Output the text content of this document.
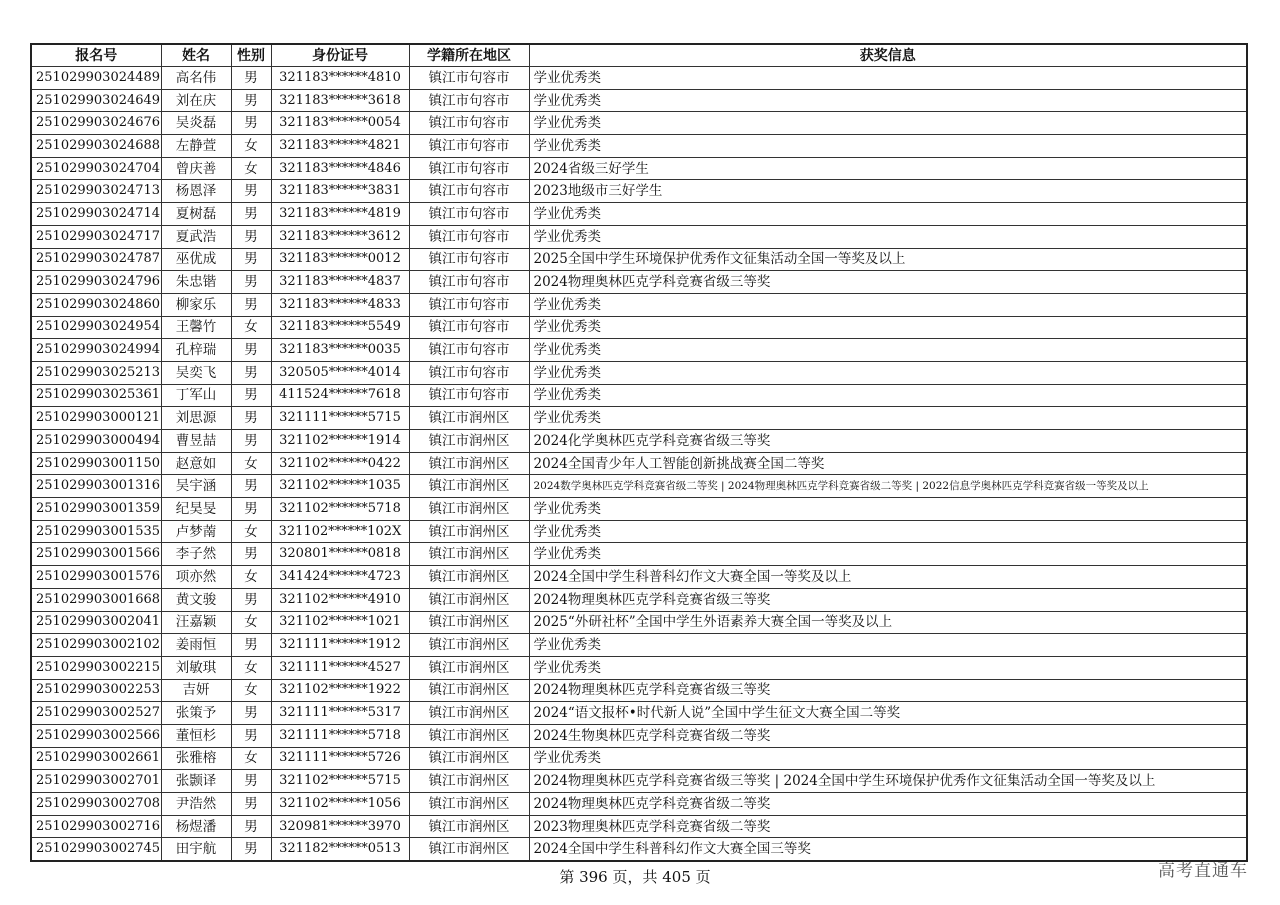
报名号	姓名	性别	身份证号	学籍所在地区	获奖信息
251029903024489	高名伟	男	321183******4810	镇江市句容市	学业优秀类
251029903024649	刘在庆	男	321183******3618	镇江市句容市	学业优秀类
251029903024676	吴炎磊	男	321183******0054	镇江市句容市	学业优秀类
251029903024688	左静萱	女	321183******4821	镇江市句容市	学业优秀类
251029903024704	曾庆善	女	321183******4846	镇江市句容市	2024省级三好学生
251029903024713	杨恩泽	男	321183******3831	镇江市句容市	2023地级市三好学生
251029903024714	夏树磊	男	321183******4819	镇江市句容市	学业优秀类
251029903024717	夏武浩	男	321183******3612	镇江市句容市	学业优秀类
251029903024787	巫优成	男	321183******0012	镇江市句容市	2025全国中学生环境保护优秀作文征集活动全国一等奖及以上
251029903024796	朱忠锴	男	321183******4837	镇江市句容市	2024物理奥林匹克学科竞赛省级三等奖
251029903024860	柳家乐	男	321183******4833	镇江市句容市	学业优秀类
251029903024954	王馨竹	女	321183******5549	镇江市句容市	学业优秀类
251029903024994	孔梓瑞	男	321183******0035	镇江市句容市	学业优秀类
251029903025213	吴奕飞	男	320505******4014	镇江市句容市	学业优秀类
251029903025361	丁军山	男	411524******7618	镇江市句容市	学业优秀类
251029903000121	刘思源	男	321111******5715	镇江市润州区	学业优秀类
251029903000494	曹昱喆	男	321102******1914	镇江市润州区	2024化学奥林匹克学科竞赛省级三等奖
251029903001150	赵意如	女	321102******0422	镇江市润州区	2024全国青少年人工智能创新挑战赛全国二等奖
251029903001316	吴宇涵	男	321102******1035	镇江市润州区	2024数学奥林匹克学科竞赛省级二等奖 | 2024物理奥林匹克学科竞赛省级二等奖 | 2022信息学奥林匹克学科竞赛省级一等奖及以上
251029903001359	纪昊旻	男	321102******5718	镇江市润州区	学业优秀类
251029903001535	卢梦萳	女	321102******102X	镇江市润州区	学业优秀类
251029903001566	李子然	男	320801******0818	镇江市润州区	学业优秀类
251029903001576	项亦然	女	341424******4723	镇江市润州区	2024全国中学生科普科幻作文大赛全国一等奖及以上
251029903001668	黄文骏	男	321102******4910	镇江市润州区	2024物理奥林匹克学科竞赛省级三等奖
251029903002041	汪嘉颖	女	321102******1021	镇江市润州区	2025“外研社杯”全国中学生外语素养大赛全国一等奖及以上
251029903002102	姜雨恒	男	321111******1912	镇江市润州区	学业优秀类
251029903002215	刘敏琪	女	321111******4527	镇江市润州区	学业优秀类
251029903002253	吉妍	女	321102******1922	镇江市润州区	2024物理奥林匹克学科竞赛省级三等奖
251029903002527	张策予	男	321111******5317	镇江市润州区	2024“语文报杯•时代新人说”全国中学生征文大赛全国二等奖
251029903002566	董恒杉	男	321111******5718	镇江市润州区	2024生物奥林匹克学科竞赛省级二等奖
251029903002661	张雅榕	女	321111******5726	镇江市润州区	学业优秀类
251029903002701	张颢译	男	321102******5715	镇江市润州区	2024物理奥林匹克学科竞赛省级三等奖 | 2024全国中学生环境保护优秀作文征集活动全国一等奖及以上
251029903002708	尹浩然	男	321102******1056	镇江市润州区	2024物理奥林匹克学科竞赛省级二等奖
251029903002716	杨煜潘	男	320981******3970	镇江市润州区	2023物理奥林匹克学科竞赛省级二等奖
251029903002745	田宇航	男	321182******0513	镇江市润州区	2024全国中学生科普科幻作文大赛全国三等奖
第 396 页，共 405 页	高考直通车
